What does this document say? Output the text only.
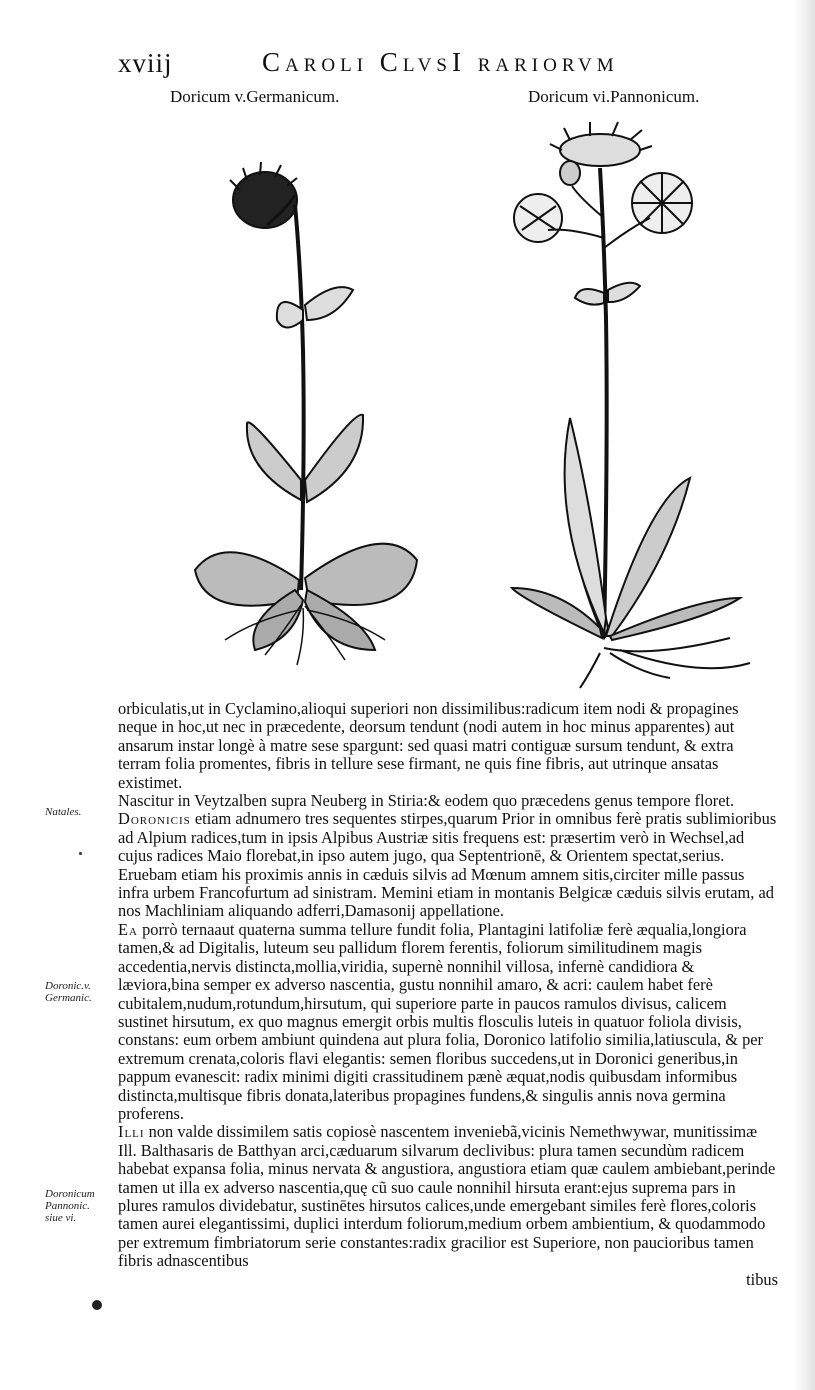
xviij	Caroli ClvsI rariorvm
Doricum v.Germanicum.	Doricum vi.Pannonicum.

orbiculatis,ut in Cyclamino,alioqui superiori non dissimilibus:radicum item nodi & propagines neque in hoc,ut nec in præcedente, deorsum tendunt (nodi autem in hoc minus apparentes) aut ansarum instar longè à matre sese spargunt: sed quasi matri contiguæ sursum tendunt, & extra terram folia promentes, fibris in tellure sese firmant, ne quis fine fibris, aut utrinque ansatas existimet.

Nascitur in Veytzalben supra Neuberg in Stiria:& eodem quo præcedens genus tempore floret.

Doronicis etiam adnumero tres sequentes stirpes,quarum Prior in omnibus ferè pratis sublimioribus ad Alpium radices,tum in ipsis Alpibus Austriæ sitis frequens est: præsertim verò in Wechsel,ad cujus radices Maio florebat,in ipso autem jugo, qua Septentrionē, & Orientem spectat,serius. Eruebam etiam his proximis annis in cæduis silvis ad Mœnum amnem sitis,circiter mille passus infra urbem Francofurtum ad sinistram. Memini etiam in montanis Belgicæ cæduis silvis erutam, ad nos Machliniam aliquando adferri,Damasonij appellatione.

Ea porrò ternaaut quaterna summa tellure fundit folia, Plantagini latifoliæ ferè æqualia,longiora tamen,& ad Digitalis, luteum seu pallidum florem ferentis, foliorum similitudinem magis accedentia,nervis distincta,mollia,viridia, supernè nonnihil villosa, infernè candidiora & læviora,bina semper ex adverso nascentia, gustu nonnihil amaro, & acri: caulem habet ferè cubitalem,nudum,rotundum,hirsutum, qui superiore parte in paucos ramulos divisus, calicem sustinet hirsutum, ex quo magnus emergit orbis multis flosculis luteis in quatuor foliola divisis, constans: eum orbem ambiunt quindena aut plura folia, Doronico latifolio similia,latiuscula, & per extremum crenata,coloris flavi elegantis: semen floribus succedens,ut in Doronici generibus,in pappum evanescit: radix minimi digiti crassitudinem pænè æquat,nodis quibusdam informibus distincta,multisque fibris donata,lateribus propagines fundens,& singulis annis nova germina proferens.

Illi non valde dissimilem satis copiosè nascentem inveniebã,vicinis Nemethwywar, munitissimæ Ill. Balthasaris de Batthyan arci,cæduarum silvarum declivibus: plura tamen secundùm radicem habebat expansa folia, minus nervata & angustiora, angustiora etiam quæ caulem ambiebant,perinde tamen ut illa ex adverso nascentia,quę cũ suo caule nonnihil hirsuta erant:ejus suprema pars in plures ramulos dividebatur, sustinētes hirsutos calices,unde emergebant similes ferè flores,coloris tamen aurei elegantissimi, duplici interdum foliorum,medium orbem ambientium, & quodammodo per extremum fimbriatorum serie constantes:radix gracilior est Superiore, non paucioribus tamen fibris adnascentibus

tibus

Natales.
Doronic.v. Germanic.
Doronicum Pannonic. siue vi.
